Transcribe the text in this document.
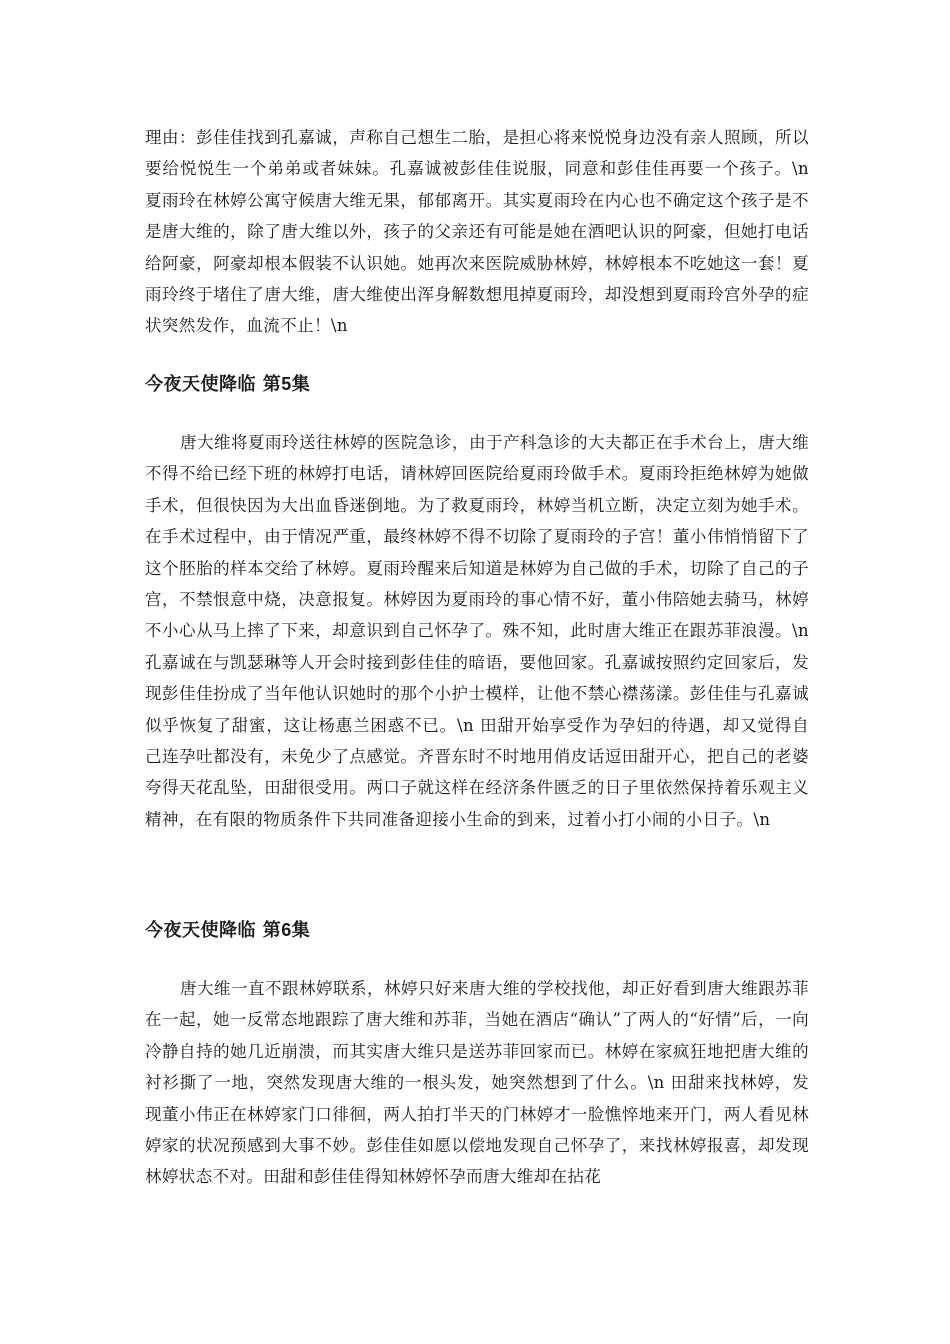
理由：彭佳佳找到孔嘉诚，声称自己想生二胎，是担心将来悦悦身边没有亲人照顾，所以要给悦悦生一个弟弟或者妹妹。孔嘉诚被彭佳佳说服，同意和彭佳佳再要一个孩子。\n 夏雨玲在林婷公寓守候唐大维无果，郁郁离开。其实夏雨玲在内心也不确定这个孩子是不是唐大维的，除了唐大维以外，孩子的父亲还有可能是她在酒吧认识的阿豪，但她打电话给阿豪，阿豪却根本假装不认识她。她再次来医院威胁林婷，林婷根本不吃她这一套！夏雨玲终于堵住了唐大维，唐大维使出浑身解数想甩掉夏雨玲，却没想到夏雨玲宫外孕的症状突然发作，血流不止！\n

今夜天使降临 第5集

唐大维将夏雨玲送往林婷的医院急诊，由于产科急诊的大夫都正在手术台上，唐大维不得不给已经下班的林婷打电话，请林婷回医院给夏雨玲做手术。夏雨玲拒绝林婷为她做手术，但很快因为大出血昏迷倒地。为了救夏雨玲，林婷当机立断，决定立刻为她手术。在手术过程中，由于情况严重，最终林婷不得不切除了夏雨玲的子宫！董小伟悄悄留下了这个胚胎的样本交给了林婷。夏雨玲醒来后知道是林婷为自己做的手术，切除了自己的子宫，不禁恨意中烧，决意报复。林婷因为夏雨玲的事心情不好，董小伟陪她去骑马，林婷不小心从马上摔了下来，却意识到自己怀孕了。殊不知，此时唐大维正在跟苏菲浪漫。\n 孔嘉诚在与凯瑟琳等人开会时接到彭佳佳的暗语，要他回家。孔嘉诚按照约定回家后，发现彭佳佳扮成了当年他认识她时的那个小护士模样，让他不禁心襟荡漾。彭佳佳与孔嘉诚似乎恢复了甜蜜，这让杨惠兰困惑不已。\n 田甜开始享受作为孕妇的待遇，却又觉得自己连孕吐都没有，未免少了点感觉。齐晋东时不时地用俏皮话逗田甜开心，把自己的老婆夸得天花乱坠，田甜很受用。两口子就这样在经济条件匮乏的日子里依然保持着乐观主义精神，在有限的物质条件下共同准备迎接小生命的到来，过着小打小闹的小日子。\n

今夜天使降临 第6集

唐大维一直不跟林婷联系，林婷只好来唐大维的学校找他，却正好看到唐大维跟苏菲在一起，她一反常态地跟踪了唐大维和苏菲，当她在酒店“确认”了两人的“好情”后，一向冷静自持的她几近崩溃，而其实唐大维只是送苏菲回家而已。林婷在家疯狂地把唐大维的衬衫撕了一地，突然发现唐大维的一根头发，她突然想到了什么。\n 田甜来找林婷，发现董小伟正在林婷家门口徘徊，两人拍打半天的门林婷才一脸憔悴地来开门，两人看见林婷家的状况预感到大事不妙。彭佳佳如愿以偿地发现自己怀孕了，来找林婷报喜，却发现林婷状态不对。田甜和彭佳佳得知林婷怀孕而唐大维却在拈花
